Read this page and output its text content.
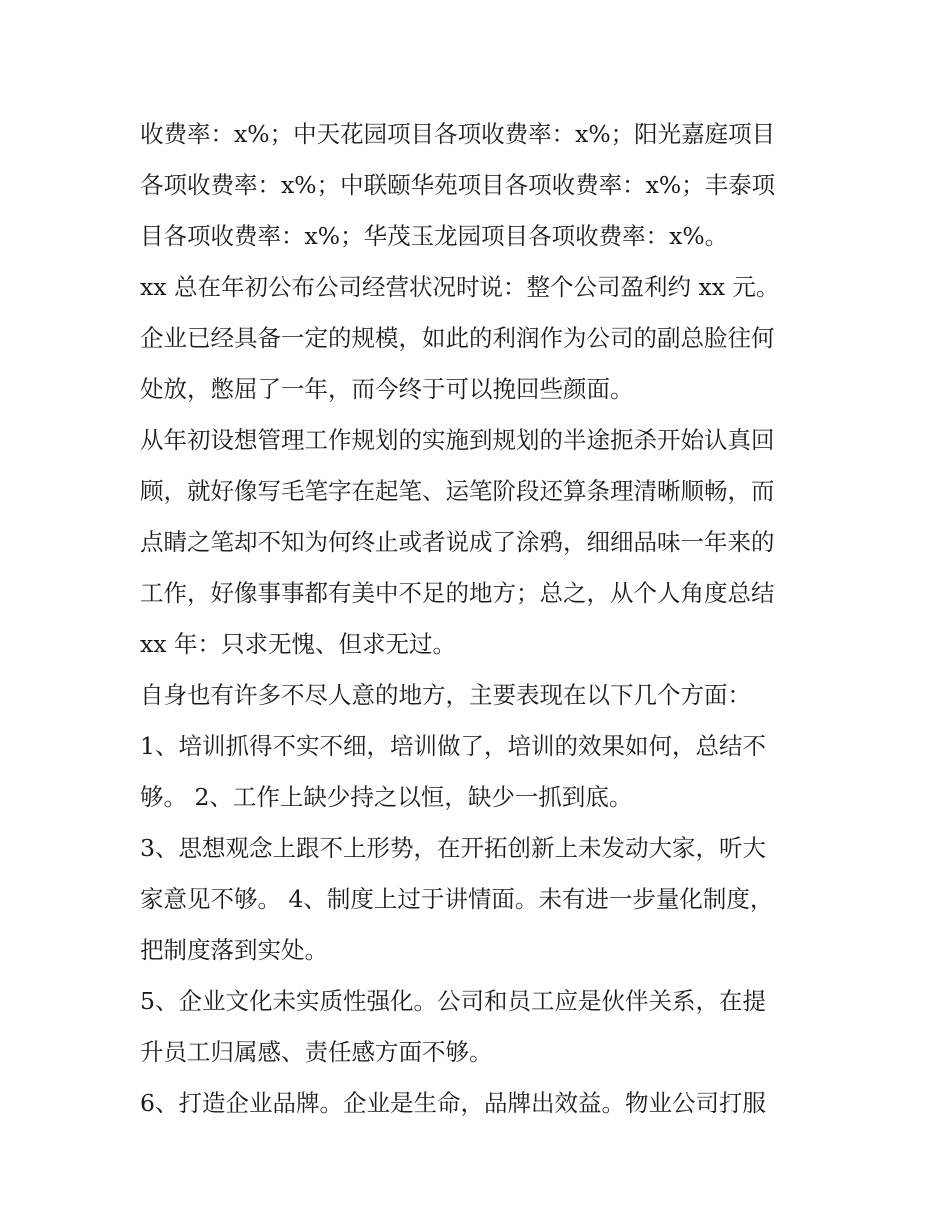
收费率：x%；中天花园项目各项收费率：x%；阳光嘉庭项目
各项收费率：x%；中联颐华苑项目各项收费率：x%；丰泰项
目各项收费率：x%；华茂玉龙园项目各项收费率：x%。
xx 总在年初公布公司经营状况时说：整个公司盈利约 xx 元。
企业已经具备一定的规模，如此的利润作为公司的副总脸往何
处放，憋屈了一年，而今终于可以挽回些颜面。
从年初设想管理工作规划的实施到规划的半途扼杀开始认真回
顾，就好像写毛笔字在起笔、运笔阶段还算条理清晰顺畅，而
点睛之笔却不知为何终止或者说成了涂鸦，细细品味一年来的
工作，好像事事都有美中不足的地方；总之，从个人角度总结
xx 年：只求无愧、但求无过。
自身也有许多不尽人意的地方，主要表现在以下几个方面：
1、培训抓得不实不细，培训做了，培训的效果如何，总结不
够。 2、工作上缺少持之以恒，缺少一抓到底。
3、思想观念上跟不上形势，在开拓创新上未发动大家，听大
家意见不够。 4、制度上过于讲情面。未有进一步量化制度，
把制度落到实处。
5、企业文化未实质性强化。公司和员工应是伙伴关系，在提
升员工归属感、责任感方面不够。
6、打造企业品牌。企业是生命，品牌出效益。物业公司打服
